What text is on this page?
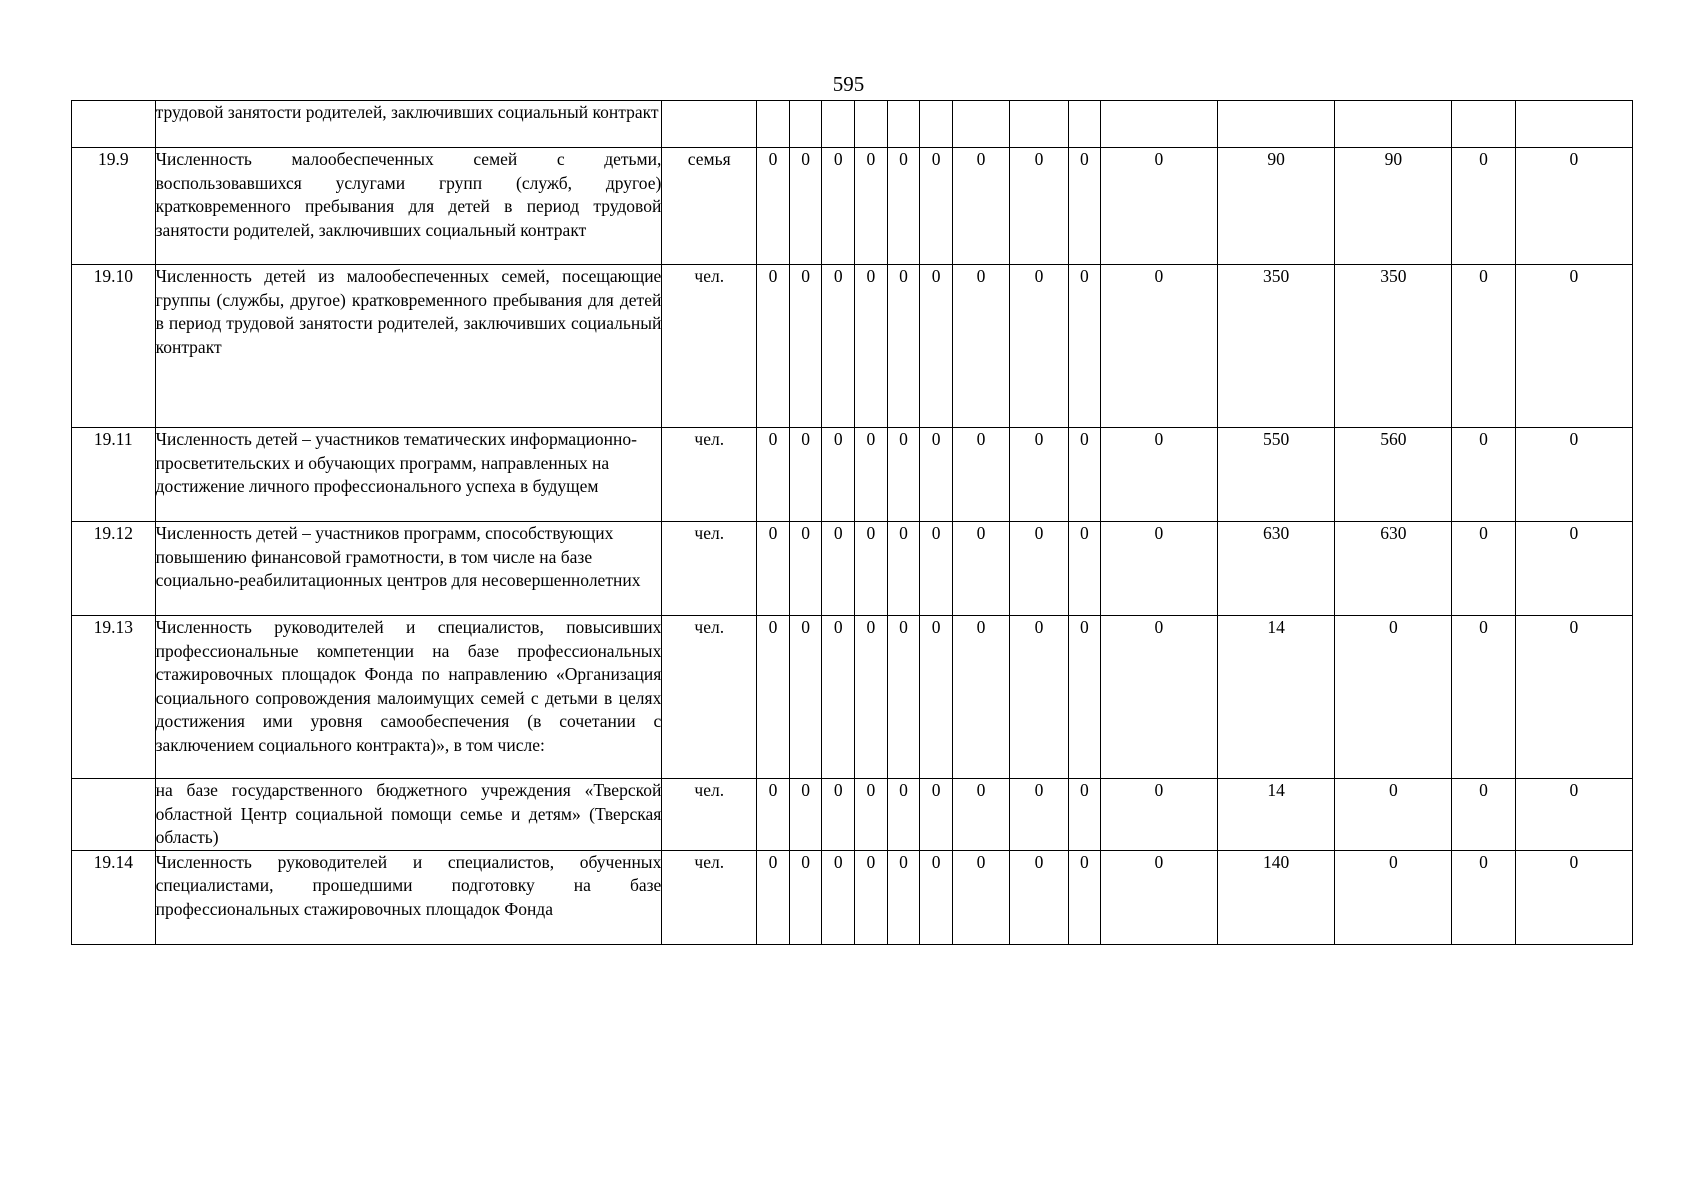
595
	трудовой занятости родителей, заключивших социальный контракт															
19.9	Численность малообеспеченных семей с детьми, воспользовавшихся услугами групп (служб, другое) кратковременного пребывания для детей в период трудовой занятости родителей, заключивших социальный контракт	семья	0	0	0	0	0	0	0	0	0	0	90	90	0	0
19.10	Численность детей из малообеспеченных семей, посещающие группы (службы, другое) кратковременного пребывания для детей в период трудовой занятости родителей, заключивших социальный контракт	чел.	0	0	0	0	0	0	0	0	0	0	350	350	0	0
19.11	Численность детей – участников тематических информационно-просветительских и обучающих программ, направленных на достижение личного профессионального успеха в будущем	чел.	0	0	0	0	0	0	0	0	0	0	550	560	0	0
19.12	Численность детей – участников программ, способствующих повышению финансовой грамотности, в том числе на базе социально-реабилитационных центров для несовершеннолетних	чел.	0	0	0	0	0	0	0	0	0	0	630	630	0	0
19.13	Численность руководителей и специалистов, повысивших профессиональные компетенции на базе профессиональных стажировочных площадок Фонда по направлению «Организация социального сопровождения малоимущих семей с детьми в целях достижения ими уровня самообеспечения (в сочетании с заключением социального контракта)», в том числе:	чел.	0	0	0	0	0	0	0	0	0	0	14	0	0	0
	на базе государственного бюджетного учреждения «Тверской областной Центр социальной помощи семье и детям» (Тверская область)	чел.	0	0	0	0	0	0	0	0	0	0	14	0	0	0
19.14	Численность руководителей и специалистов, обученных специалистами, прошедшими подготовку на базе профессиональных стажировочных площадок Фонда	чел.	0	0	0	0	0	0	0	0	0	0	140	0	0	0
